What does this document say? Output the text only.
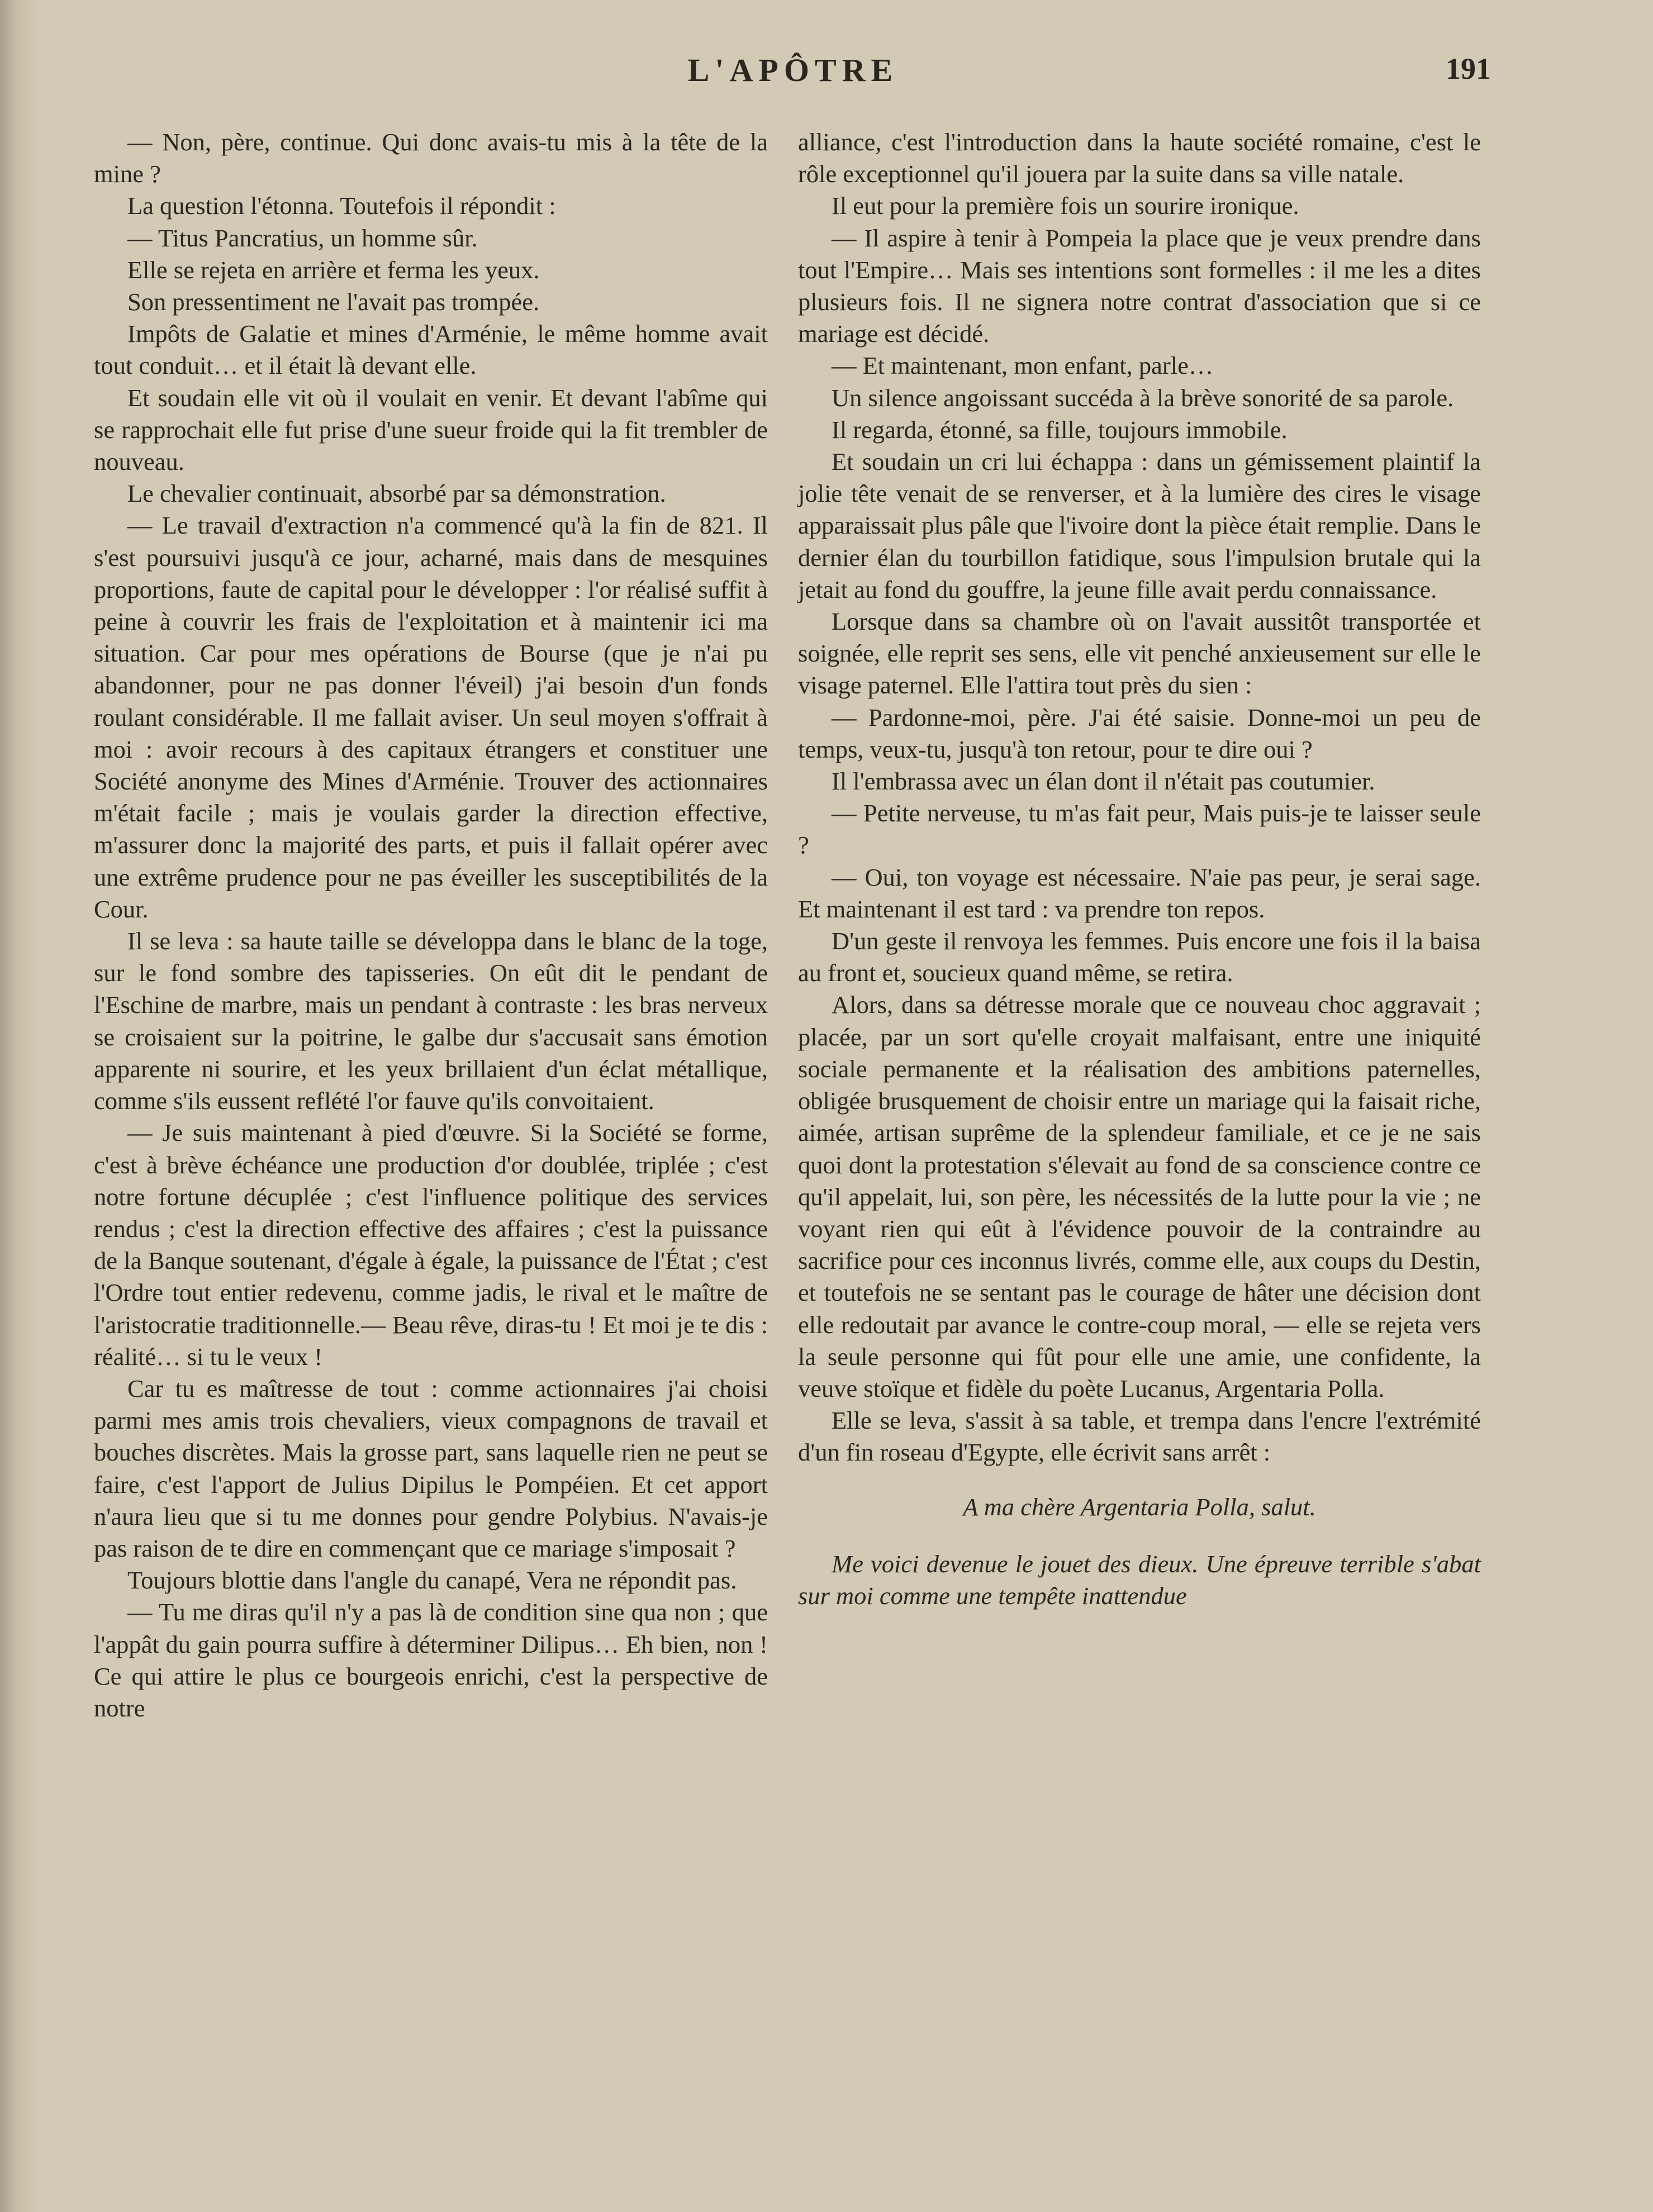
L'APÔTRE	191

— Non, père, continue. Qui donc avais-tu mis à la tête de la mine ?

La question l'étonna. Toutefois il répondit :

— Titus Pancratius, un homme sûr.

Elle se rejeta en arrière et ferma les yeux.

Son pressentiment ne l'avait pas trompée.

Impôts de Galatie et mines d'Arménie, le même homme avait tout conduit… et il était là devant elle.

Et soudain elle vit où il voulait en venir. Et devant l'abîme qui se rapprochait elle fut prise d'une sueur froide qui la fit trembler de nouveau.

Le chevalier continuait, absorbé par sa démonstration.

— Le travail d'extraction n'a commencé qu'à la fin de 821. Il s'est poursuivi jusqu'à ce jour, acharné, mais dans de mesquines proportions, faute de capital pour le développer : l'or réalisé suffit à peine à couvrir les frais de l'exploitation et à maintenir ici ma situation. Car pour mes opérations de Bourse (que je n'ai pu abandonner, pour ne pas donner l'éveil) j'ai besoin d'un fonds roulant considérable. Il me fallait aviser. Un seul moyen s'offrait à moi : avoir recours à des capitaux étrangers et constituer une Société anonyme des Mines d'Arménie. Trouver des actionnaires m'était facile ; mais je voulais garder la direction effective, m'assurer donc la majorité des parts, et puis il fallait opérer avec une extrême prudence pour ne pas éveiller les susceptibilités de la Cour.

Il se leva : sa haute taille se développa dans le blanc de la toge, sur le fond sombre des tapisseries. On eût dit le pendant de l'Eschine de marbre, mais un pendant à contraste : les bras nerveux se croisaient sur la poitrine, le galbe dur s'accusait sans émotion apparente ni sourire, et les yeux brillaient d'un éclat métallique, comme s'ils eussent reflété l'or fauve qu'ils convoitaient.

— Je suis maintenant à pied d'œuvre. Si la Société se forme, c'est à brève échéance une production d'or doublée, triplée ; c'est notre fortune décuplée ; c'est l'influence politique des services rendus ; c'est la direction effective des affaires ; c'est la puissance de la Banque soutenant, d'égale à égale, la puissance de l'État ; c'est l'Ordre tout entier redevenu, comme jadis, le rival et le maître de l'aristocratie traditionnelle.— Beau rêve, diras-tu ! Et moi je te dis : réalité… si tu le veux !

Car tu es maîtresse de tout : comme actionnaires j'ai choisi parmi mes amis trois chevaliers, vieux compagnons de travail et bouches discrètes. Mais la grosse part, sans laquelle rien ne peut se faire, c'est l'apport de Julius Dipilus le Pompéien. Et cet apport n'aura lieu que si tu me donnes pour gendre Polybius. N'avais-je pas raison de te dire en commençant que ce mariage s'imposait ?

Toujours blottie dans l'angle du canapé, Vera ne répondit pas.

— Tu me diras qu'il n'y a pas là de condition sine qua non ; que l'appât du gain pourra suffire à déterminer Dilipus… Eh bien, non ! Ce qui attire le plus ce bourgeois enrichi, c'est la perspective de notre

alliance, c'est l'introduction dans la haute société romaine, c'est le rôle exceptionnel qu'il jouera par la suite dans sa ville natale.

Il eut pour la première fois un sourire ironique.

— Il aspire à tenir à Pompeia la place que je veux prendre dans tout l'Empire… Mais ses intentions sont formelles : il me les a dites plusieurs fois. Il ne signera notre contrat d'association que si ce mariage est décidé.

— Et maintenant, mon enfant, parle…

Un silence angoissant succéda à la brève sonorité de sa parole.

Il regarda, étonné, sa fille, toujours immobile.

Et soudain un cri lui échappa : dans un gémissement plaintif la jolie tête venait de se renverser, et à la lumière des cires le visage apparaissait plus pâle que l'ivoire dont la pièce était remplie. Dans le dernier élan du tourbillon fatidique, sous l'impulsion brutale qui la jetait au fond du gouffre, la jeune fille avait perdu connaissance.

Lorsque dans sa chambre où on l'avait aussitôt transportée et soignée, elle reprit ses sens, elle vit penché anxieusement sur elle le visage paternel. Elle l'attira tout près du sien :

— Pardonne-moi, père. J'ai été saisie. Donne-moi un peu de temps, veux-tu, jusqu'à ton retour, pour te dire oui ?

Il l'embrassa avec un élan dont il n'était pas coutumier.

— Petite nerveuse, tu m'as fait peur, Mais puis-je te laisser seule ?

— Oui, ton voyage est nécessaire. N'aie pas peur, je serai sage. Et maintenant il est tard : va prendre ton repos.

D'un geste il renvoya les femmes. Puis encore une fois il la baisa au front et, soucieux quand même, se retira.

Alors, dans sa détresse morale que ce nouveau choc aggravait ; placée, par un sort qu'elle croyait malfaisant, entre une iniquité sociale permanente et la réalisation des ambitions paternelles, obligée brusquement de choisir entre un mariage qui la faisait riche, aimée, artisan suprême de la splendeur familiale, et ce je ne sais quoi dont la protestation s'élevait au fond de sa conscience contre ce qu'il appelait, lui, son père, les nécessités de la lutte pour la vie ; ne voyant rien qui eût à l'évidence pouvoir de la contraindre au sacrifice pour ces inconnus livrés, comme elle, aux coups du Destin, et toutefois ne se sentant pas le courage de hâter une décision dont elle redoutait par avance le contre-coup moral, — elle se rejeta vers la seule personne qui fût pour elle une amie, une confidente, la veuve stoïque et fidèle du poète Lucanus, Argentaria Polla.

Elle se leva, s'assit à sa table, et trempa dans l'encre l'extrémité d'un fin roseau d'Egypte, elle écrivit sans arrêt :

A ma chère Argentaria Polla, salut.

Me voici devenue le jouet des dieux. Une épreuve terrible s'abat sur moi comme une tempête inattendue
